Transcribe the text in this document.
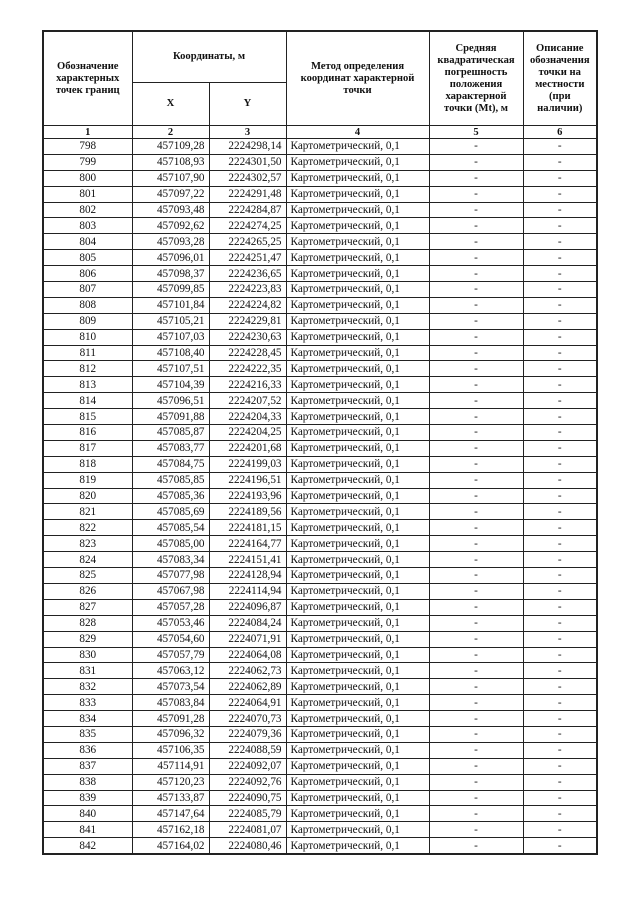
Обозначение характерных точек границ	Координаты, м		Метод определения координат характерной точки	Средняя квадратическая погрешность положения характерной точки (Mt), м	Описание обозначения точки на местности (при наличии)
	X	Y			
1	2	3	4	5	6
798	457109,28	2224298,14	Картометрический, 0,1	-	-
799	457108,93	2224301,50	Картометрический, 0,1	-	-
800	457107,90	2224302,57	Картометрический, 0,1	-	-
801	457097,22	2224291,48	Картометрический, 0,1	-	-
802	457093,48	2224284,87	Картометрический, 0,1	-	-
803	457092,62	2224274,25	Картометрический, 0,1	-	-
804	457093,28	2224265,25	Картометрический, 0,1	-	-
805	457096,01	2224251,47	Картометрический, 0,1	-	-
806	457098,37	2224236,65	Картометрический, 0,1	-	-
807	457099,85	2224223,83	Картометрический, 0,1	-	-
808	457101,84	2224224,82	Картометрический, 0,1	-	-
809	457105,21	2224229,81	Картометрический, 0,1	-	-
810	457107,03	2224230,63	Картометрический, 0,1	-	-
811	457108,40	2224228,45	Картометрический, 0,1	-	-
812	457107,51	2224222,35	Картометрический, 0,1	-	-
813	457104,39	2224216,33	Картометрический, 0,1	-	-
814	457096,51	2224207,52	Картометрический, 0,1	-	-
815	457091,88	2224204,33	Картометрический, 0,1	-	-
816	457085,87	2224204,25	Картометрический, 0,1	-	-
817	457083,77	2224201,68	Картометрический, 0,1	-	-
818	457084,75	2224199,03	Картометрический, 0,1	-	-
819	457085,85	2224196,51	Картометрический, 0,1	-	-
820	457085,36	2224193,96	Картометрический, 0,1	-	-
821	457085,69	2224189,56	Картометрический, 0,1	-	-
822	457085,54	2224181,15	Картометрический, 0,1	-	-
823	457085,00	2224164,77	Картометрический, 0,1	-	-
824	457083,34	2224151,41	Картометрический, 0,1	-	-
825	457077,98	2224128,94	Картометрический, 0,1	-	-
826	457067,98	2224114,94	Картометрический, 0,1	-	-
827	457057,28	2224096,87	Картометрический, 0,1	-	-
828	457053,46	2224084,24	Картометрический, 0,1	-	-
829	457054,60	2224071,91	Картометрический, 0,1	-	-
830	457057,79	2224064,08	Картометрический, 0,1	-	-
831	457063,12	2224062,73	Картометрический, 0,1	-	-
832	457073,54	2224062,89	Картометрический, 0,1	-	-
833	457083,84	2224064,91	Картометрический, 0,1	-	-
834	457091,28	2224070,73	Картометрический, 0,1	-	-
835	457096,32	2224079,36	Картометрический, 0,1	-	-
836	457106,35	2224088,59	Картометрический, 0,1	-	-
837	457114,91	2224092,07	Картометрический, 0,1	-	-
838	457120,23	2224092,76	Картометрический, 0,1	-	-
839	457133,87	2224090,75	Картометрический, 0,1	-	-
840	457147,64	2224085,79	Картометрический, 0,1	-	-
841	457162,18	2224081,07	Картометрический, 0,1	-	-
842	457164,02	2224080,46	Картометрический, 0,1	-	-
